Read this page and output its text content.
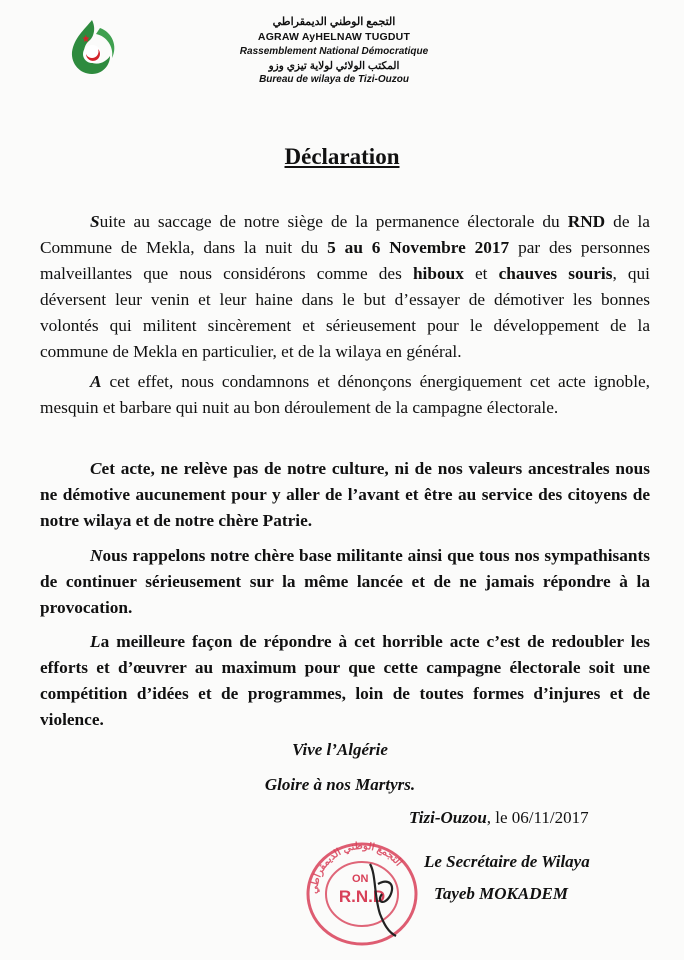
التجمع الوطني الديمقراطي
AGRAW AyHELNAW TUGDUT
Rassemblement National Démocratique
المكتب الولائي لولاية تيزي وزو
Bureau de wilaya de Tizi-Ouzou
Déclaration
Suite au saccage de notre siège de la permanence électorale du RND de la Commune de Mekla, dans la nuit du 5 au 6 Novembre 2017 par des personnes malveillantes que nous considérons comme des hiboux et chauves souris, qui déversent leur venin et leur haine dans le but d’essayer de démotiver les bonnes volontés qui militent sincèrement et sérieusement pour le développement de la commune de Mekla en particulier, et de la wilaya en général.
A cet effet, nous condamnons et dénonçons énergiquement cet acte ignoble, mesquin et barbare qui nuit au bon déroulement de la campagne électorale.
Cet acte, ne relève pas de notre culture, ni de nos valeurs ancestrales nous ne démotive aucunement pour y aller de l’avant et être au service des citoyens de notre wilaya et de notre chère Patrie.
Nous rappelons notre chère base militante ainsi que tous nos sympathisants de continuer sérieusement sur la même lancée et de ne jamais répondre à la provocation.
La meilleure façon de répondre à cet horrible acte c’est de redoubler les efforts et d’œuvrer au maximum pour que cette campagne électorale soit une compétition d’idées et de programmes, loin de toutes formes d’injures et de violence.
Vive l’Algérie
Gloire à nos Martyrs.
التجمع الوطني الديمقراطي
ON
R.N.D
Tizi-Ouzou, le 06/11/2017
Le Secrétaire de Wilaya
Tayeb MOKADEM
